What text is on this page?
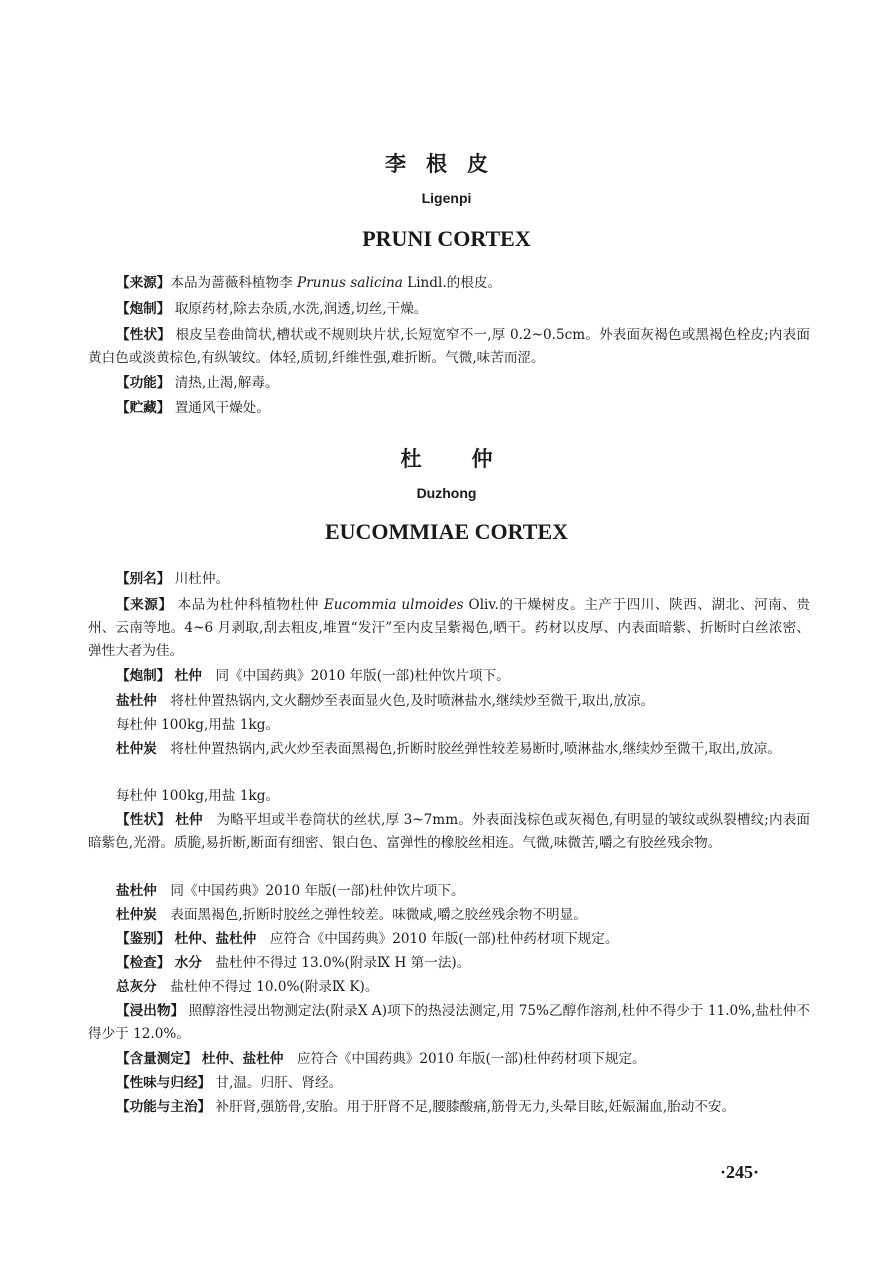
李根皮
Ligenpi
PRUNI CORTEX
【来源】本品为蔷薇科植物李 Prunus salicina Lindl.的根皮。
【炮制】 取原药材,除去杂质,水洗,润透,切丝,干燥。
【性状】 根皮呈卷曲筒状,槽状或不规则块片状,长短宽窄不一,厚 0.2~0.5cm。外表面灰褐色或黑褐色栓皮;内表面黄白色或淡黄棕色,有纵皱纹。体轻,质韧,纤维性强,难折断。气微,味苦而涩。
【功能】 清热,止渴,解毒。
【贮藏】 置通风干燥处。
杜仲
Duzhong
EUCOMMIAE CORTEX
【别名】 川杜仲。
【来源】 本品为杜仲科植物杜仲 Eucommia ulmoides Oliv.的干燥树皮。主产于四川、陕西、湖北、河南、贵州、云南等地。4~6 月剥取,刮去粗皮,堆置“发汗”至内皮呈紫褐色,晒干。药材以皮厚、内表面暗紫、折断时白丝浓密、弹性大者为佳。
【炮制】 杜仲　 同《中国药典》2010 年版(一部)杜仲饮片项下。
盐杜仲　 将杜仲置热锅内,文火翻炒至表面显火色,及时喷淋盐水,继续炒至微干,取出,放凉。
每杜仲 100kg,用盐 1kg。
杜仲炭　 将杜仲置热锅内,武火炒至表面黑褐色,折断时胶丝弹性较差易断时,喷淋盐水,继续炒至微干,取出,放凉。
每杜仲 100kg,用盐 1kg。
【性状】 杜仲　 为略平坦或半卷筒状的丝状,厚 3~7mm。外表面浅棕色或灰褐色,有明显的皱纹或纵裂槽纹;内表面暗紫色,光滑。质脆,易折断,断面有细密、银白色、富弹性的橡胶丝相连。气微,味微苦,嚼之有胶丝残余物。
盐杜仲　 同《中国药典》2010 年版(一部)杜仲饮片项下。
杜仲炭　 表面黑褐色,折断时胶丝之弹性较差。味微咸,嚼之胶丝残余物不明显。
【鉴别】 杜仲、盐杜仲　 应符合《中国药典》2010 年版(一部)杜仲药材项下规定。
【检查】 水分　 盐杜仲不得过 13.0%(附录Ⅸ H 第一法)。
总灰分　 盐杜仲不得过 10.0%(附录Ⅸ K)。
【浸出物】 照醇溶性浸出物测定法(附录Ⅹ A)项下的热浸法测定,用 75%乙醇作溶剂,杜仲不得少于 11.0%,盐杜仲不得少于 12.0%。
【含量测定】 杜仲、盐杜仲　 应符合《中国药典》2010 年版(一部)杜仲药材项下规定。
【性味与归经】 甘,温。归肝、肾经。
【功能与主治】 补肝肾,强筋骨,安胎。用于肝肾不足,腰膝酸痛,筋骨无力,头晕目眩,妊娠漏血,胎动不安。
·245·
